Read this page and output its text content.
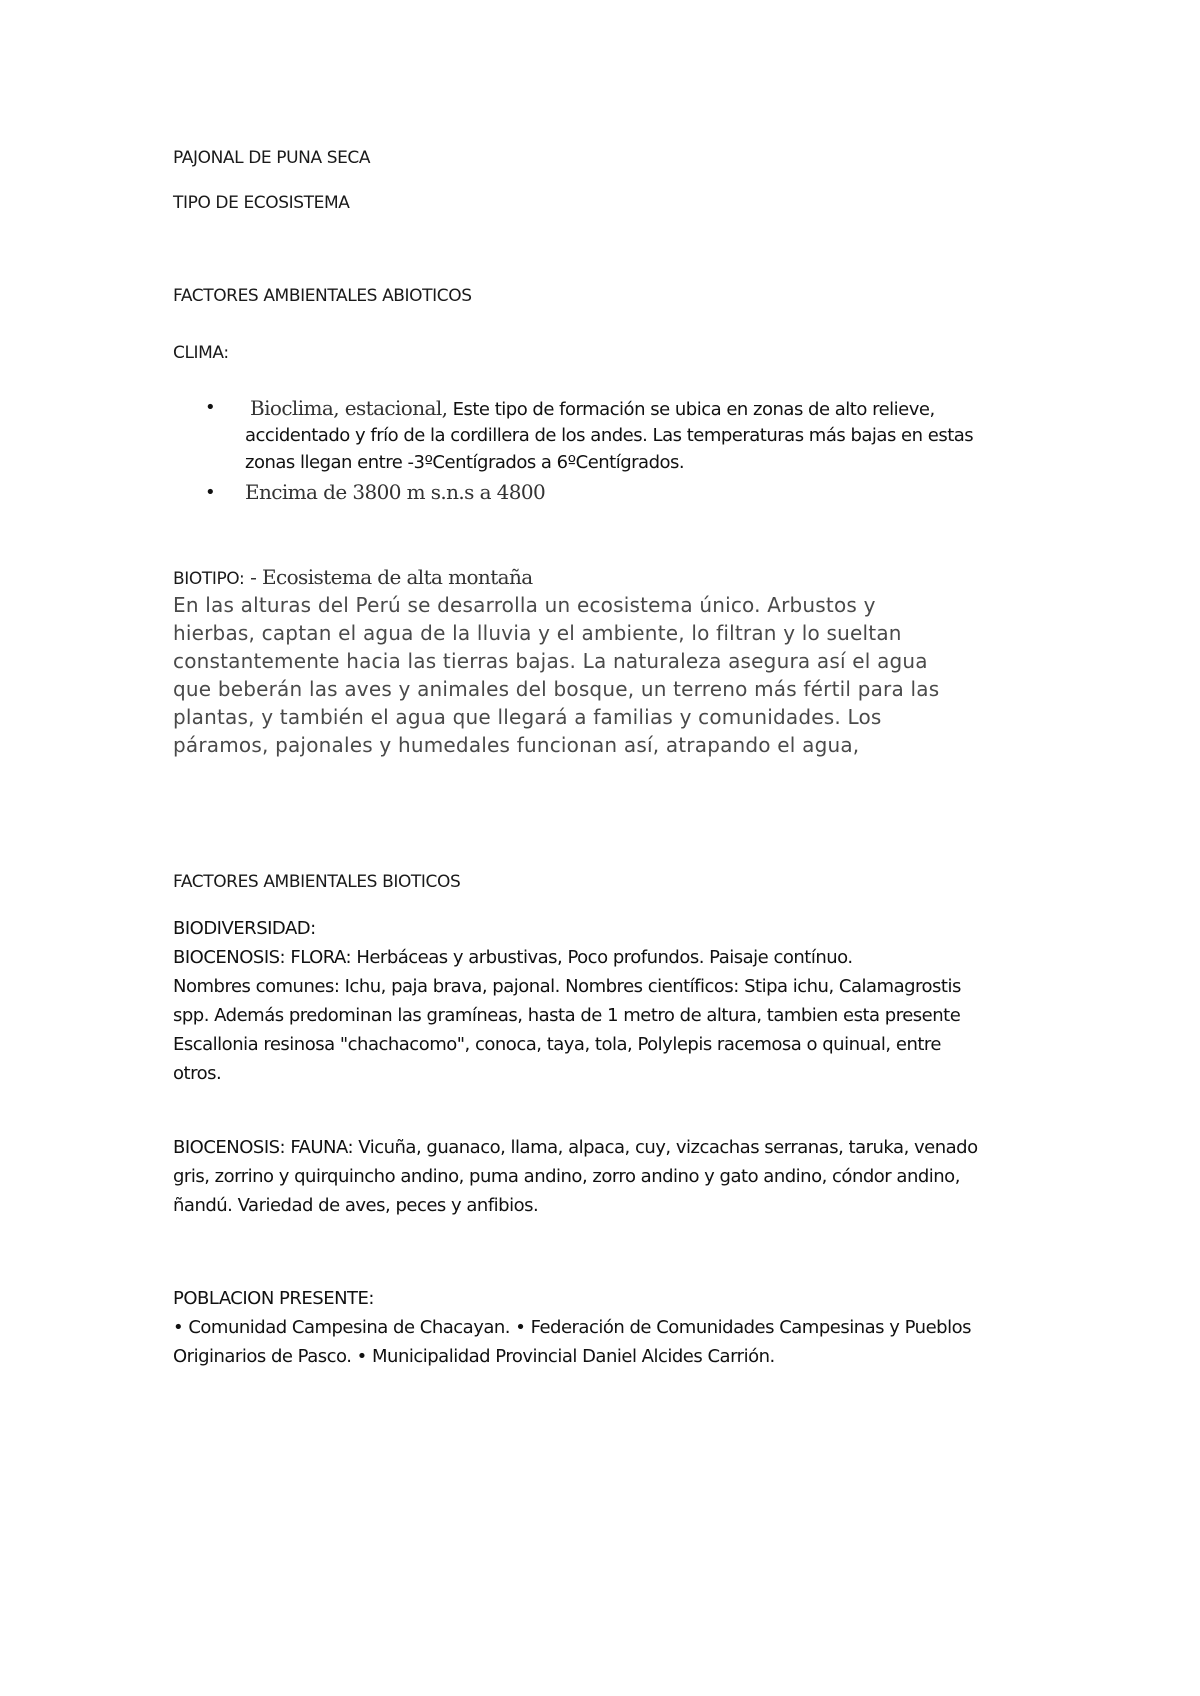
PAJONAL DE PUNA SECA

TIPO DE ECOSISTEMA

FACTORES AMBIENTALES ABIOTICOS

CLIMA:

• Bioclima, estacional, Este tipo de formación se ubica en zonas de alto relieve,

accidentado y frío de la cordillera de los andes. Las temperaturas más bajas en estas

zonas llegan entre -3ºCentígrados a 6ºCentígrados.

• Encima de 3800 m s.n.s a 4800

BIOTIPO: - Ecosistema de alta montaña

En las alturas del Perú se desarrolla un ecosistema único. Arbustos y

hierbas, captan el agua de la lluvia y el ambiente, lo filtran y lo sueltan

constantemente hacia las tierras bajas. La naturaleza asegura así el agua

que beberán las aves y animales del bosque, un terreno más fértil para las

plantas, y también el agua que llegará a familias y comunidades. Los

páramos, pajonales y humedales funcionan así, atrapando el agua,

FACTORES AMBIENTALES BIOTICOS

BIODIVERSIDAD:

BIOCENOSIS: FLORA: Herbáceas y arbustivas, Poco profundos. Paisaje contínuo.

Nombres comunes: Ichu, paja brava, pajonal. Nombres científicos: Stipa ichu, Calamagrostis

spp. Además predominan las gramíneas, hasta de 1 metro de altura, tambien esta presente

Escallonia resinosa "chachacomo", conoca, taya, tola, Polylepis racemosa o quinual, entre

otros.

BIOCENOSIS: FAUNA: Vicuña, guanaco, llama, alpaca, cuy, vizcachas serranas, taruka, venado

gris, zorrino y quirquincho andino, puma andino, zorro andino y gato andino, cóndor andino,

ñandú. Variedad de aves, peces y anfibios.

POBLACION PRESENTE:

• Comunidad Campesina de Chacayan. • Federación de Comunidades Campesinas y Pueblos

Originarios de Pasco. • Municipalidad Provincial Daniel Alcides Carrión.
